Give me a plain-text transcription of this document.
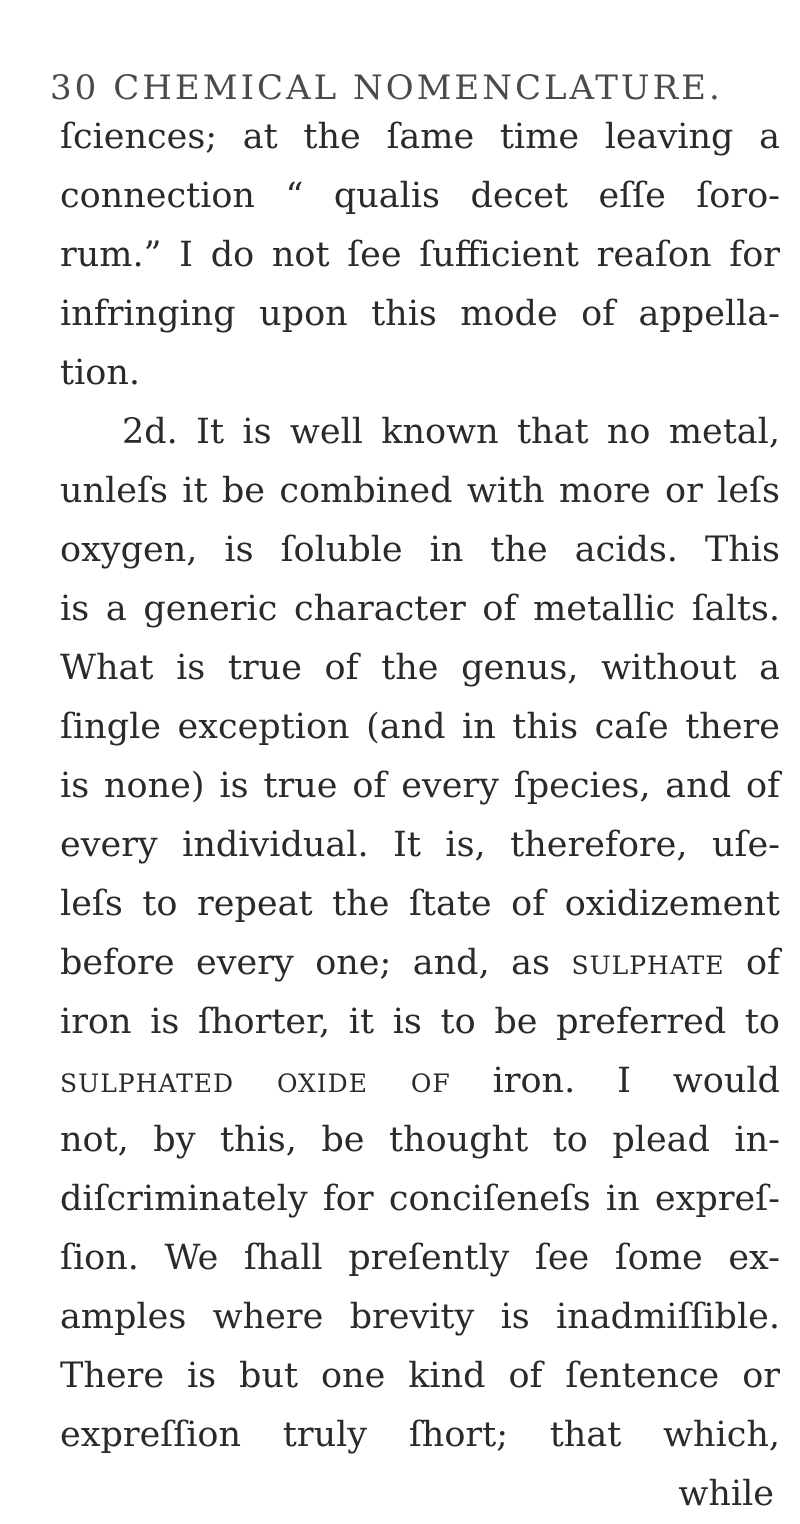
30 CHEMICAL NOMENCLATURE.
ſciences; at the ſame time leaving a
connection “ qualis decet eſſe ſoro-
rum.” I do not ſee ſufficient reaſon for
infringing upon this mode of appella-
tion.
2d. It is well known that no metal,
unleſs it be combined with more or leſs
oxygen, is ſoluble in the acids. This
is a generic character of metallic ſalts.
What is true of the genus, without a
ſingle exception (and in this caſe there
is none) is true of every ſpecies, and of
every individual. It is, therefore, uſe-
leſs to repeat the ſtate of oxidizement
before every one; and, as sulphate of
iron is ſhorter, it is to be preferred to
sulphated oxide of iron. I would
not, by this, be thought to plead in-
diſcriminately for conciſeneſs in expreſ-
ſion. We ſhall preſently ſee ſome ex-
amples where brevity is inadmiſſible.
There is but one kind of ſentence or
expreſſion truly ſhort; that which,
while
